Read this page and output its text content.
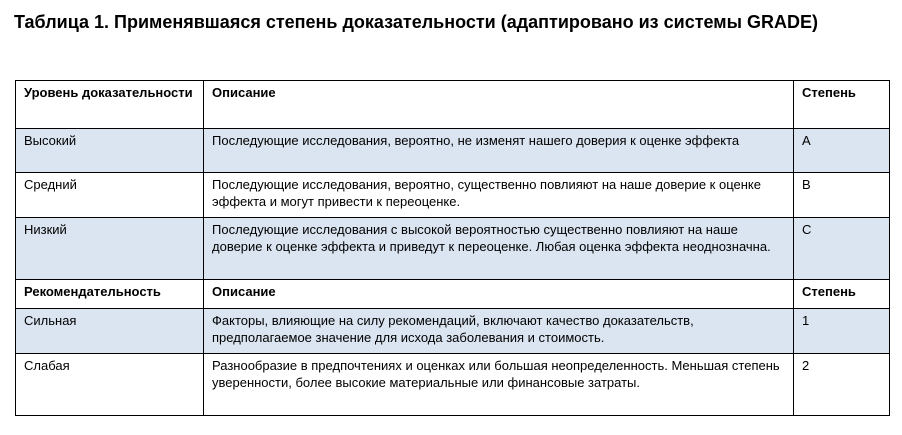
Таблица 1. Применявшаяся степень доказательности (адаптировано из системы GRADE)
Уровень доказательности	Описание	Степень
Высокий	Последующие исследования, вероятно, не изменят нашего доверия к оценке эффекта	A
Средний	Последующие исследования, вероятно, существенно повлияют на наше доверие к оценке эффекта и могут привести к переоценке.	B
Низкий	Последующие исследования с высокой вероятностью существенно повлияют на наше доверие к оценке эффекта и приведут к переоценке. Любая оценка эффекта неоднозначна.	C
Рекомендательность	Описание	Степень
Сильная	Факторы, влияющие на силу рекомендаций, включают качество доказательств, предполагаемое значение для исхода заболевания и стоимость.	1
Слабая	Разнообразие в предпочтениях и оценках или большая неопределенность. Меньшая степень уверенности, более высокие материальные или финансовые затраты.	2
